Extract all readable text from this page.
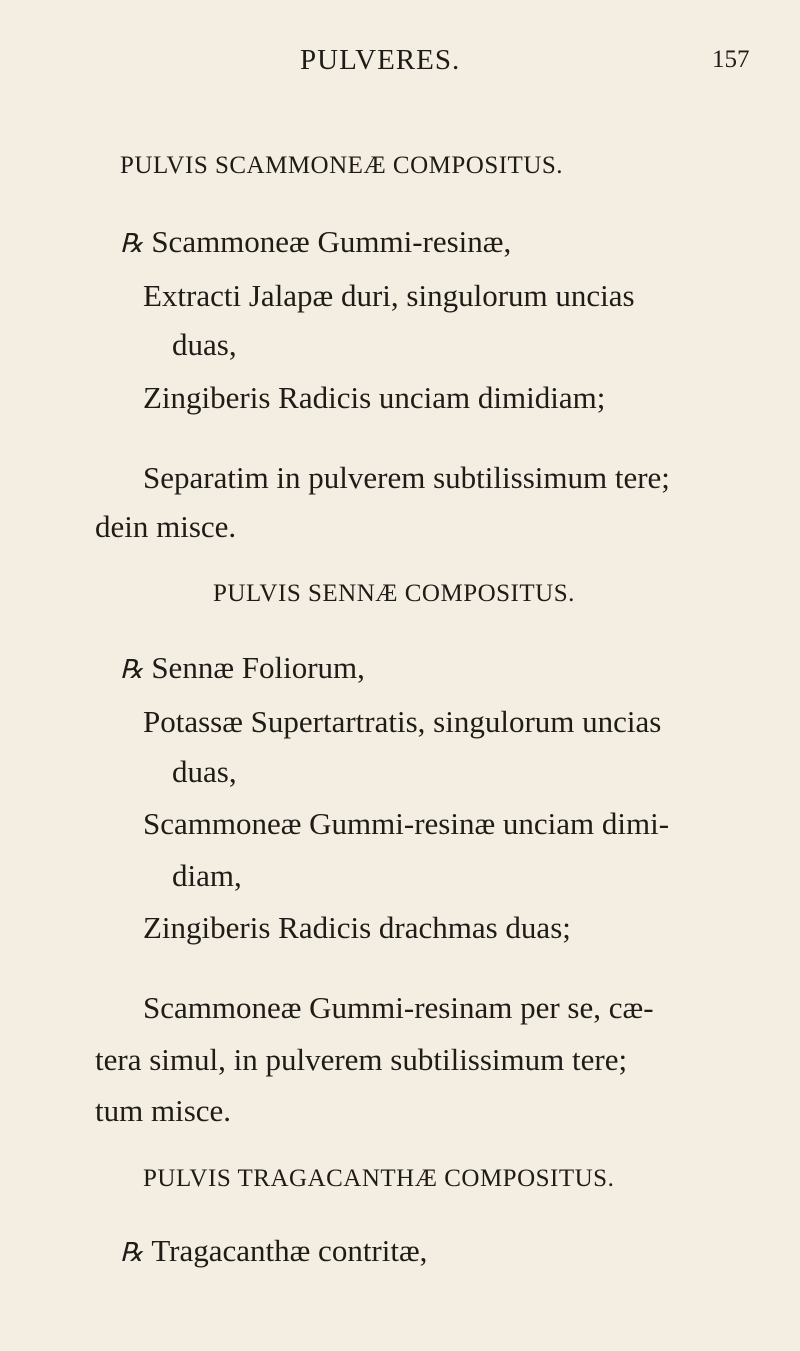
PULVERES.	157
PULVIS SCAMMONEÆ COMPOSITUS.
℞ Scammoneæ Gummi-resinæ,
Extracti Jalapæ duri, singulorum uncias
duas,
Zingiberis Radicis unciam dimidiam;
Separatim in pulverem subtilissimum tere;
dein misce.
PULVIS SENNÆ COMPOSITUS.
℞ Sennæ Foliorum,
Potassæ Supertartratis, singulorum uncias
duas,
Scammoneæ Gummi-resinæ unciam dimi-
diam,
Zingiberis Radicis drachmas duas;
Scammoneæ Gummi-resinam per se, cæ-
tera simul, in pulverem subtilissimum tere;
tum misce.
PULVIS TRAGACANTHÆ COMPOSITUS.
℞ Tragacanthæ contritæ,
